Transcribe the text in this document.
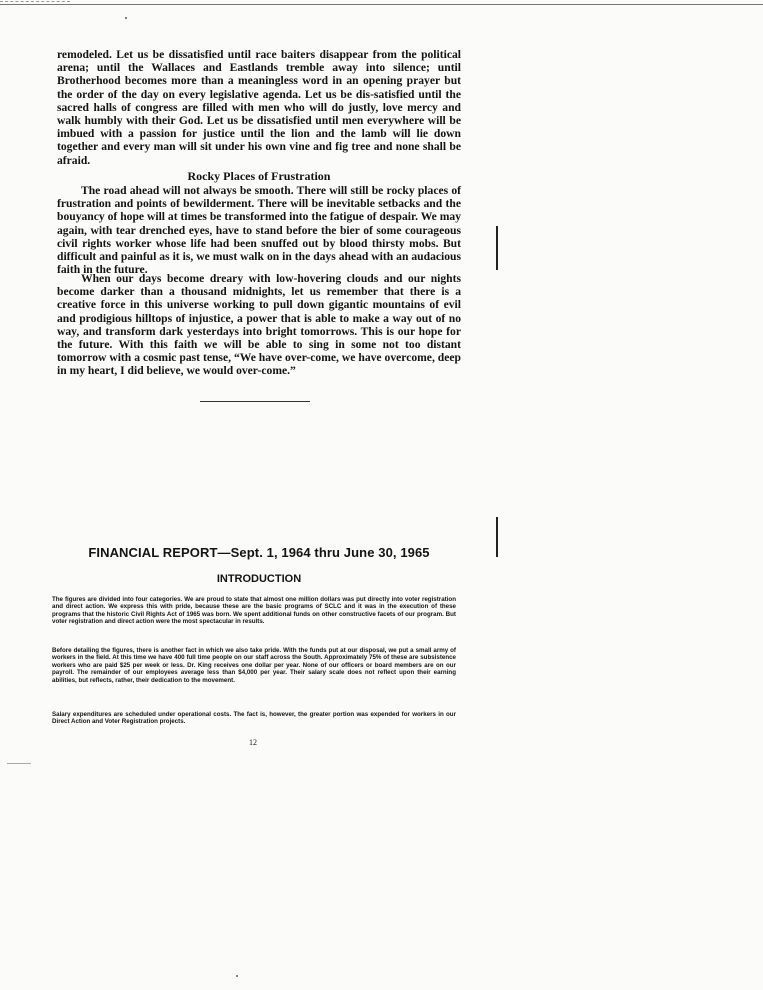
remodeled. Let us be dissatisfied until race baiters disappear from the political arena; until the Wallaces and Eastlands tremble away into silence; until Brotherhood becomes more than a meaningless word in an opening prayer but the order of the day on every legislative agenda. Let us be dis-satisfied until the sacred halls of congress are filled with men who will do justly, love mercy and walk humbly with their God. Let us be dissatisfied until men everywhere will be imbued with a passion for justice until the lion and the lamb will lie down together and every man will sit under his own vine and fig tree and none shall be afraid.

Rocky Places of Frustration

The road ahead will not always be smooth. There will still be rocky places of frustration and points of bewilderment. There will be inevitable setbacks and the bouyancy of hope will at times be transformed into the fatigue of despair. We may again, with tear drenched eyes, have to stand before the bier of some courageous civil rights worker whose life had been snuffed out by blood thirsty mobs. But difficult and painful as it is, we must walk on in the days ahead with an audacious faith in the future.

When our days become dreary with low-hovering clouds and our nights become darker than a thousand midnights, let us remember that there is a creative force in this universe working to pull down gigantic mountains of evil and prodigious hilltops of injustice, a power that is able to make a way out of no way, and transform dark yesterdays into bright tomorrows. This is our hope for the future. With this faith we will be able to sing in some not too distant tomorrow with a cosmic past tense, “We have over-come, we have overcome, deep in my heart, I did believe, we would over-come.”

FINANCIAL REPORT—Sept. 1, 1964 thru June 30, 1965
INTRODUCTION

The figures are divided into four categories. We are proud to state that almost one million dollars was put directly into voter registration and direct action. We express this with pride, because these are the basic programs of SCLC and it was in the execution of these programs that the historic Civil Rights Act of 1965 was born. We spent additional funds on other constructive facets of our program. But voter registration and direct action were the most spectacular in results.

Before detailing the figures, there is another fact in which we also take pride. With the funds put at our disposal, we put a small army of workers in the field. At this time we have 400 full time people on our staff across the South. Approximately 75% of these are subsistence workers who are paid $25 per week or less. Dr. King receives one dollar per year. None of our officers or board members are on our payroll. The remainder of our employees average less than $4,000 per year. Their salary scale does not reflect upon their earning abilities, but reflects, rather, their dedication to the movement.

Salary expenditures are scheduled under operational costs. The fact is, however, the greater portion was expended for workers in our Direct Action and Voter Registration projects.

12
